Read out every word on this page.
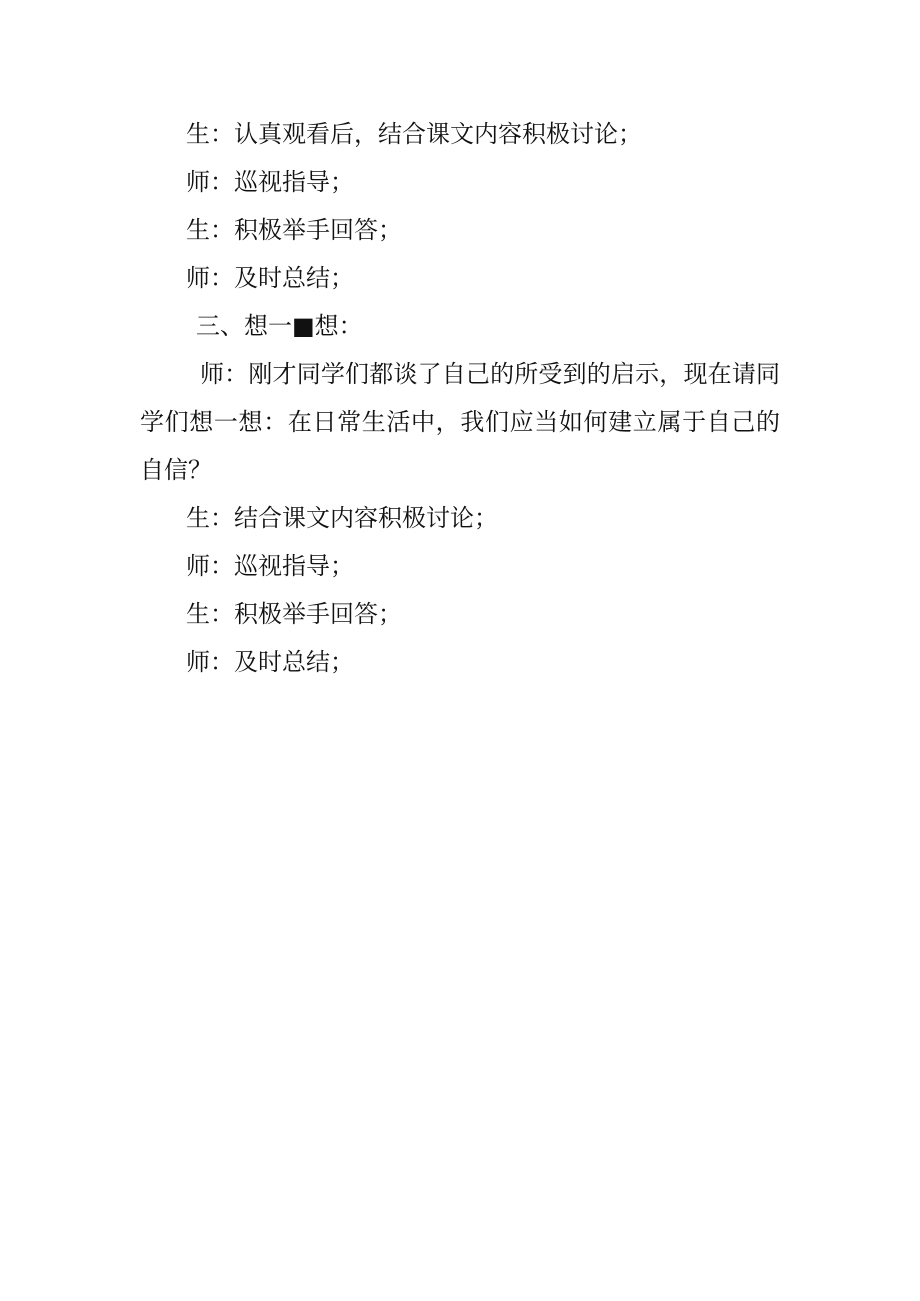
生：认真观看后，结合课文内容积极讨论；

师：巡视指导；

生：积极举手回答；

师：及时总结；

三、想一■想：

师：刚才同学们都谈了自己的所受到的启示，现在请同学们想一想：在日常生活中，我们应当如何建立属于自己的自信？

生：结合课文内容积极讨论；

师：巡视指导；

生：积极举手回答；

师：及时总结；
